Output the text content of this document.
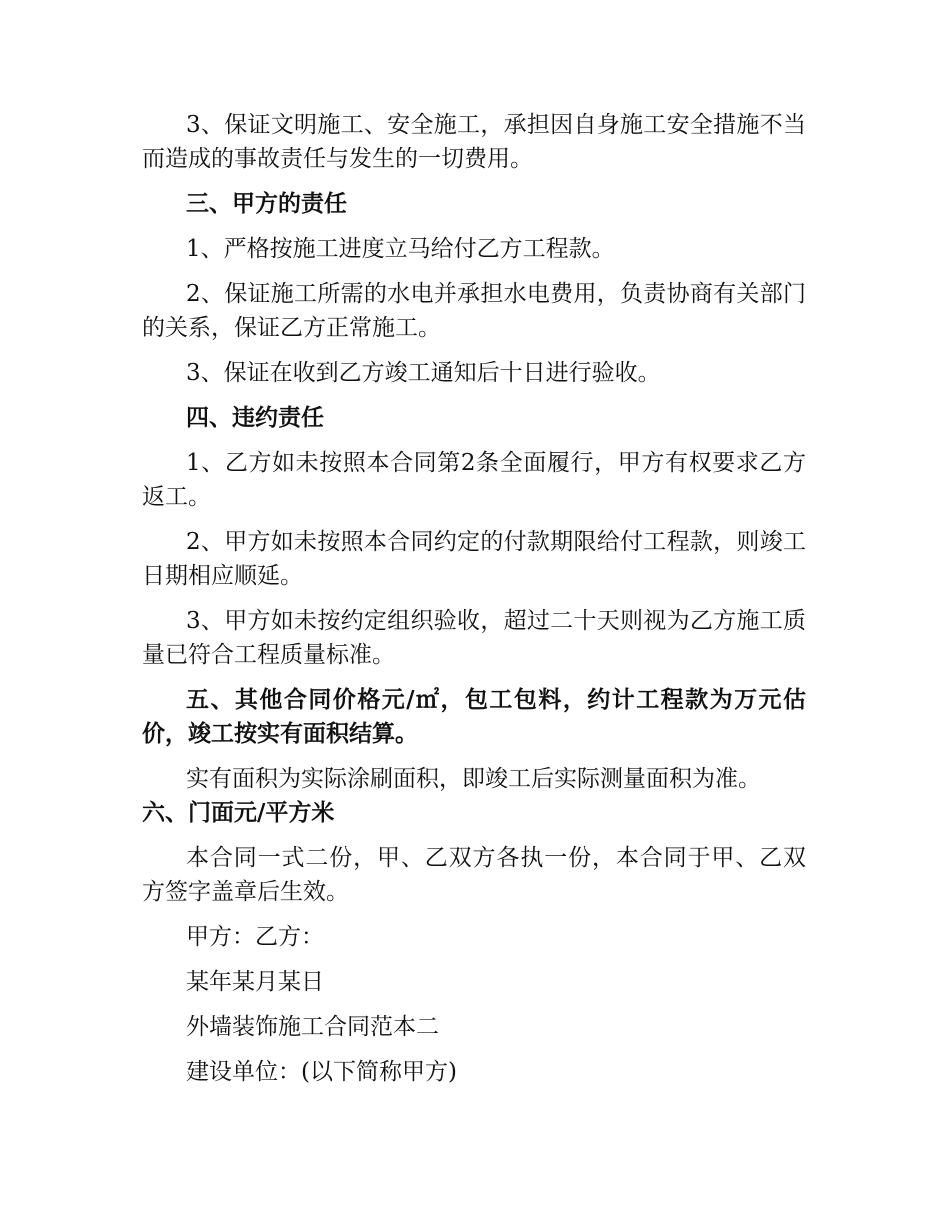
3、保证文明施工、安全施工，承担因自身施工安全措施不当而造成的事故责任与发生的一切费用。

三、甲方的责任

1、严格按施工进度立马给付乙方工程款。

2、保证施工所需的水电并承担水电费用，负责协商有关部门的关系，保证乙方正常施工。

3、保证在收到乙方竣工通知后十日进行验收。

四、违约责任

1、乙方如未按照本合同第2条全面履行，甲方有权要求乙方返工。

2、甲方如未按照本合同约定的付款期限给付工程款，则竣工日期相应顺延。

3、甲方如未按约定组织验收，超过二十天则视为乙方施工质量已符合工程质量标准。

五、其他合同价格元/㎡，包工包料，约计工程款为万元估价，竣工按实有面积结算。

实有面积为实际涂刷面积，即竣工后实际测量面积为准。

六、门面元/平方米

本合同一式二份，甲、乙双方各执一份，本合同于甲、乙双方签字盖章后生效。

甲方：乙方：

某年某月某日

外墙装饰施工合同范本二

建设单位：(以下简称甲方)
